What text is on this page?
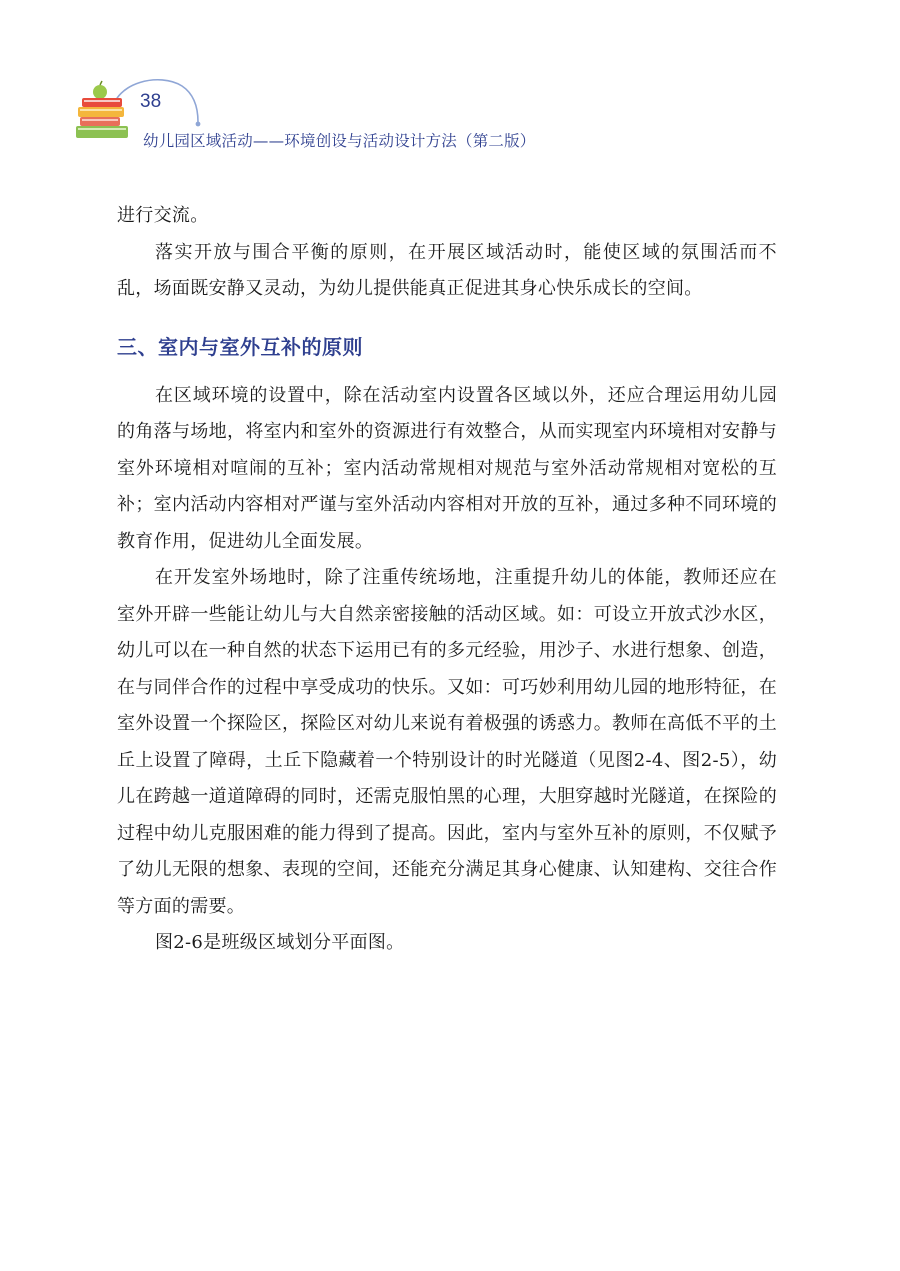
38
幼儿园区域活动——环境创设与活动设计方法（第二版）

进行交流。

落实开放与围合平衡的原则，在开展区域活动时，能使区域的氛围活而不乱，场面既安静又灵动，为幼儿提供能真正促进其身心快乐成长的空间。

三、室内与室外互补的原则

在区域环境的设置中，除在活动室内设置各区域以外，还应合理运用幼儿园的角落与场地，将室内和室外的资源进行有效整合，从而实现室内环境相对安静与室外环境相对喧闹的互补；室内活动常规相对规范与室外活动常规相对宽松的互补；室内活动内容相对严谨与室外活动内容相对开放的互补，通过多种不同环境的教育作用，促进幼儿全面发展。

在开发室外场地时，除了注重传统场地，注重提升幼儿的体能，教师还应在室外开辟一些能让幼儿与大自然亲密接触的活动区域。如：可设立开放式沙水区，幼儿可以在一种自然的状态下运用已有的多元经验，用沙子、水进行想象、创造，在与同伴合作的过程中享受成功的快乐。又如：可巧妙利用幼儿园的地形特征，在室外设置一个探险区，探险区对幼儿来说有着极强的诱惑力。教师在高低不平的土丘上设置了障碍，土丘下隐藏着一个特别设计的时光隧道（见图2-4、图2-5），幼儿在跨越一道道障碍的同时，还需克服怕黑的心理，大胆穿越时光隧道，在探险的过程中幼儿克服困难的能力得到了提高。因此，室内与室外互补的原则，不仅赋予了幼儿无限的想象、表现的空间，还能充分满足其身心健康、认知建构、交往合作等方面的需要。

图2-6是班级区域划分平面图。
